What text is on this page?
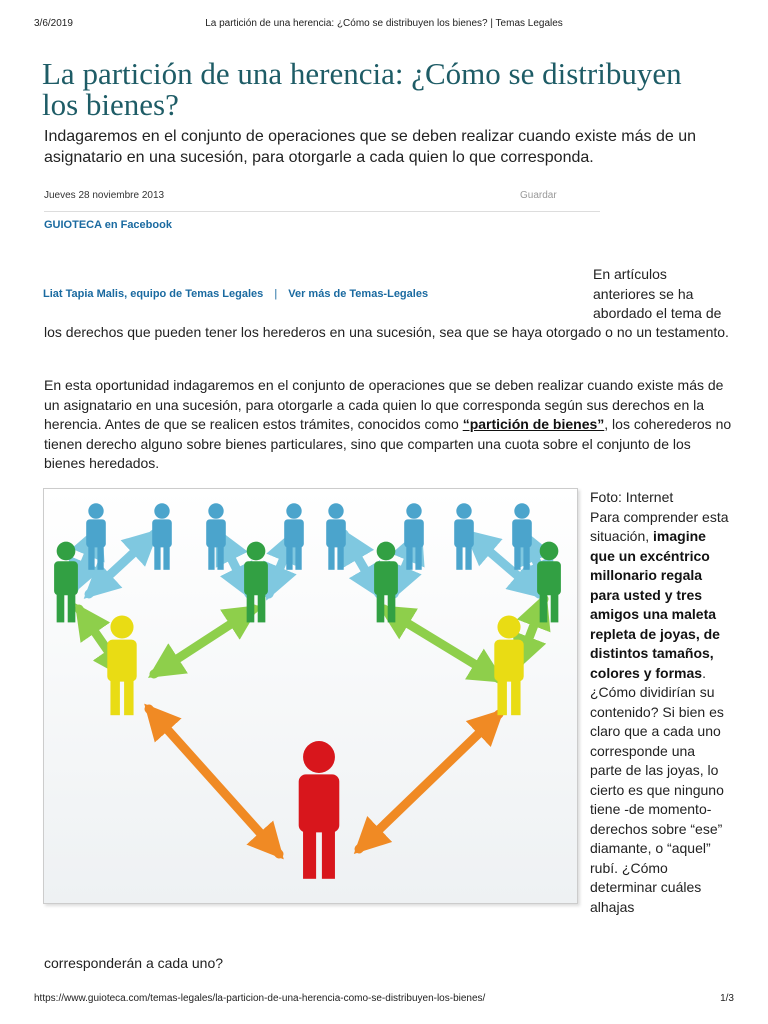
3/6/2019	La partición de una herencia: ¿Cómo se distribuyen los bienes? | Temas Legales
La partición de una herencia: ¿Cómo se distribuyen los bienes?

Indagaremos en el conjunto de operaciones que se deben realizar cuando existe más de un asignatario en una sucesión, para otorgarle a cada quien lo que corresponda.

Jueves 28 noviembre 2013	Guardar
GUIOTECA en Facebook
Liat Tapia Malis, equipo de Temas Legales | Ver más de Temas-Legales

En artículos anteriores se ha abordado el tema de

los derechos que pueden tener los herederos en una sucesión, sea que se haya otorgado o no un testamento.

En esta oportunidad indagaremos en el conjunto de operaciones que se deben realizar cuando existe más de un asignatario en una sucesión, para otorgarle a cada quien lo que corresponda según sus derechos en la herencia. Antes de que se realicen estos trámites, conocidos como “partición de bienes”, los coherederos no tienen derecho alguno sobre bienes particulares, sino que comparten una cuota sobre el conjunto de los bienes heredados.

Foto: Internet
Para comprender esta situación, imagine que un excéntrico millonario regala para usted y tres amigos una maleta repleta de joyas, de distintos tamaños, colores y formas. ¿Cómo dividirían su contenido? Si bien es claro que a cada uno corresponde una parte de las joyas, lo cierto es que ninguno tiene -de momento- derechos sobre “ese” diamante, o “aquel” rubí. ¿Cómo determinar cuáles alhajas

corresponderán a cada uno?

https://www.guioteca.com/temas-legales/la-particion-de-una-herencia-como-se-distribuyen-los-bienes/	1/3
